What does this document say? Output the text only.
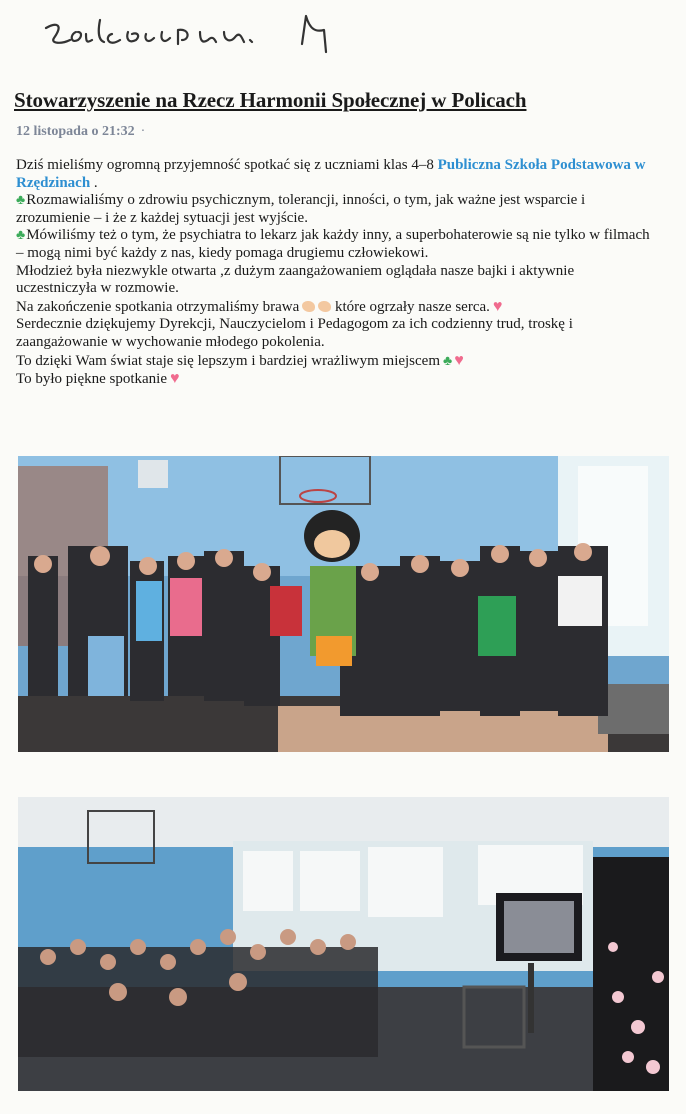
Stowarzyszenie na Rzecz Harmonii Społecznej w Policach
12 listopada o 21:32 ·

Dziś mieliśmy ogromną przyjemność spotkać się z uczniami klas 4–8 Publiczna Szkoła Podstawowa w Rzędzinach .

♣Rozmawialiśmy o zdrowiu psychicznym, tolerancji, inności, o tym, jak ważne jest wsparcie i zrozumienie – i że z każdej sytuacji jest wyjście.

♣Mówiliśmy też o tym, że psychiatra to lekarz jak każdy inny, a superbohaterowie są nie tylko w filmach – mogą nimi być każdy z nas, kiedy pomaga drugiemu człowiekowi.

Młodzież była niezwykle otwarta ,z dużym zaangażowaniem oglądała nasze bajki i aktywnie uczestniczyła w rozmowie.

Na zakończenie spotkania otrzymaliśmy brawa które ogrzały nasze serca. ♥

Serdecznie dziękujemy Dyrekcji, Nauczycielom i Pedagogom za ich codzienny trud, troskę i zaangażowanie w wychowanie młodego pokolenia.

To dzięki Wam świat staje się lepszym i bardziej wrażliwym miejscem ♣ ♥

To było piękne spotkanie ♥
